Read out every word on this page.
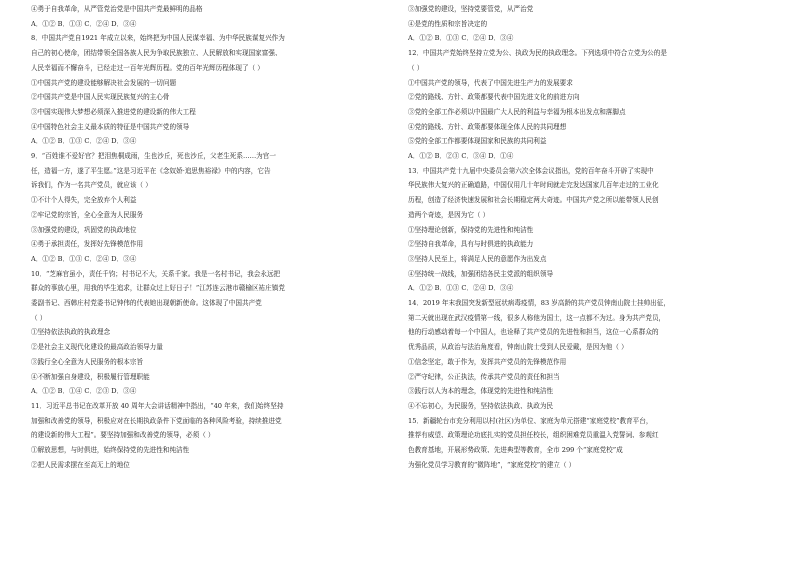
④勇于自我革命，从严管党治党是中国共产党最鲜明的品格
A．①② B．①③ C．②④ D．③④
8．中国共产党自1921 年成立以来，始终把为中国人民谋幸福、为中华民族谋复兴作为
自己的初心使命，团结带领全国各族人民为争取民族独立、人民解放和实现国家富强、
人民幸福而不懈奋斗，已经走过一百年光辉历程。党的百年光辉历程体现了（ ）
①中国共产党的建设能够解决社会发展的一切问题
②中国共产党是中国人民实现民族复兴的主心骨
③中国实现伟大梦想必须深入推进党的建设新的伟大工程
④中国特色社会主义最本质的特征是中国共产党的领导
A．①② B．①③ C．②④ D．③④
9．“百姓谁不爱好官？把泪焦桐成雨，生也沙丘，死也沙丘，父老生死系……为官一
任，造福一方，遂了平生愿。”这是习近平在《念奴娇·追思焦裕禄》中的内容，它告
诉我们，作为一名共产党员，就应该（ ）
①不计个人得失，完全放弃个人利益
②牢记党的宗旨，全心全意为人民服务
③加强党的建设，巩固党的执政地位
④勇于承担责任，发挥好先锋模范作用
A．①② B．①③ C．②④ D．③④
10．“芝麻官虽小，责任千钧；村书记不大，关系千家。我是一名村书记，我会永远把
群众的事放心里，用我的毕生追求，让群众过上好日子！”江苏连云港市赣榆区祐庄镇党
委副书记、西韩庄村党委书记钟伟的代表她出现朝新使命。这体现了中国共产党
（ ）
①坚持依法执政的执政理念
②是社会主义现代化建设的最高政治领导力量
③践行全心全意为人民服务的根本宗旨
④不断加强自身建设，积极履行管理职能
A．①② B．①④ C．②③ D．③④
11．习近平总书记在改革开放 40 周年大会讲话精神中指出，“40 年来，我们始终坚持
加强和改善党的领导，积极应对在长期执政条件下党面临的各种风险考验，持续推进党
的建设新的伟大工程”。要坚持加强和改善党的领导，必须（ ）
①解放思想，与时俱进，始终保持党的先进性和纯洁性
②把人民需求摆在至高无上的地位
③加强党的建设，坚持党要管党，从严治党
④是党的性质和宗旨决定的
A．①② B．①③ C．②④ D．③④
12．中国共产党始终坚持立党为公、执政为民的执政理念。下列选项中符合立党为公的是
（ ）
①中国共产党的领导，代表了中国先进生产力的发展要求
②党的路线、方针、政策都要代表中国先进文化的前进方向
③党的全部工作必须以中国最广大人民的利益与幸福为根本出发点和落脚点
④党的路线、方针、政策都要体现全体人民的共同理想
⑤党的全部工作都要体现国家和民族的共同利益
A．①② B．②③ C．③④ D．①④
13．中国共产党十九届中央委员会第六次全体会议指出，党的百年奋斗开辟了实现中
华民族伟大复兴的正确道路，中国仅用几十年时间就走完发达国家几百年走过的工业化
历程，创造了经济快速发展和社会长期稳定两大奇迹。中国共产党之所以能带领人民创
造两个奇迹，是因为它（ ）
①坚持理论创新，保持党的先进性和纯洁性
②坚持自我革命，具有与时俱进的执政能力
③坚持人民至上，将满足人民的意愿作为出发点
④坚持统一战线，加强团结各民主党派的组织领导
A．①② B．①③ C．②④ D．③④
14．2019 年末我国突发新型冠状病毒疫情，83 岁高龄的共产党员钟南山院士挂帅出征，
第二天就出现在武汉疫情第一线，很多人称他为国士，这一点都不为过。身为共产党员，
他的行动感动着每一个中国人，也诠释了共产党员的先进性和担当，这位一心系群众的
优秀品质，从政治与法治角度看，钟南山院士受到人民爱戴，是因为他（ ）
①信念坚定，敢于作为，发挥共产党员的先锋模范作用
②严守纪律，公正执法，传承共产党员的责任和担当
③践行以人为本的理念，体现党的先进性和纯洁性
④不忘初心，为民服务，坚持依法执政、执政为民
15．新疆轮台市充分利用以村(社区)为单位、家庭为单元搭建“家庭党校”教育平台，
推荐有威望、政策理论功底扎实的党员担任校长，组织困难党员重温入党誓词、参观红
色教育基地，开展形势政策、先进典型等教育，全市 299 个“家庭党校”成
为强化党员学习教育的“微阵地”，“家庭党校”的建立（ ）
